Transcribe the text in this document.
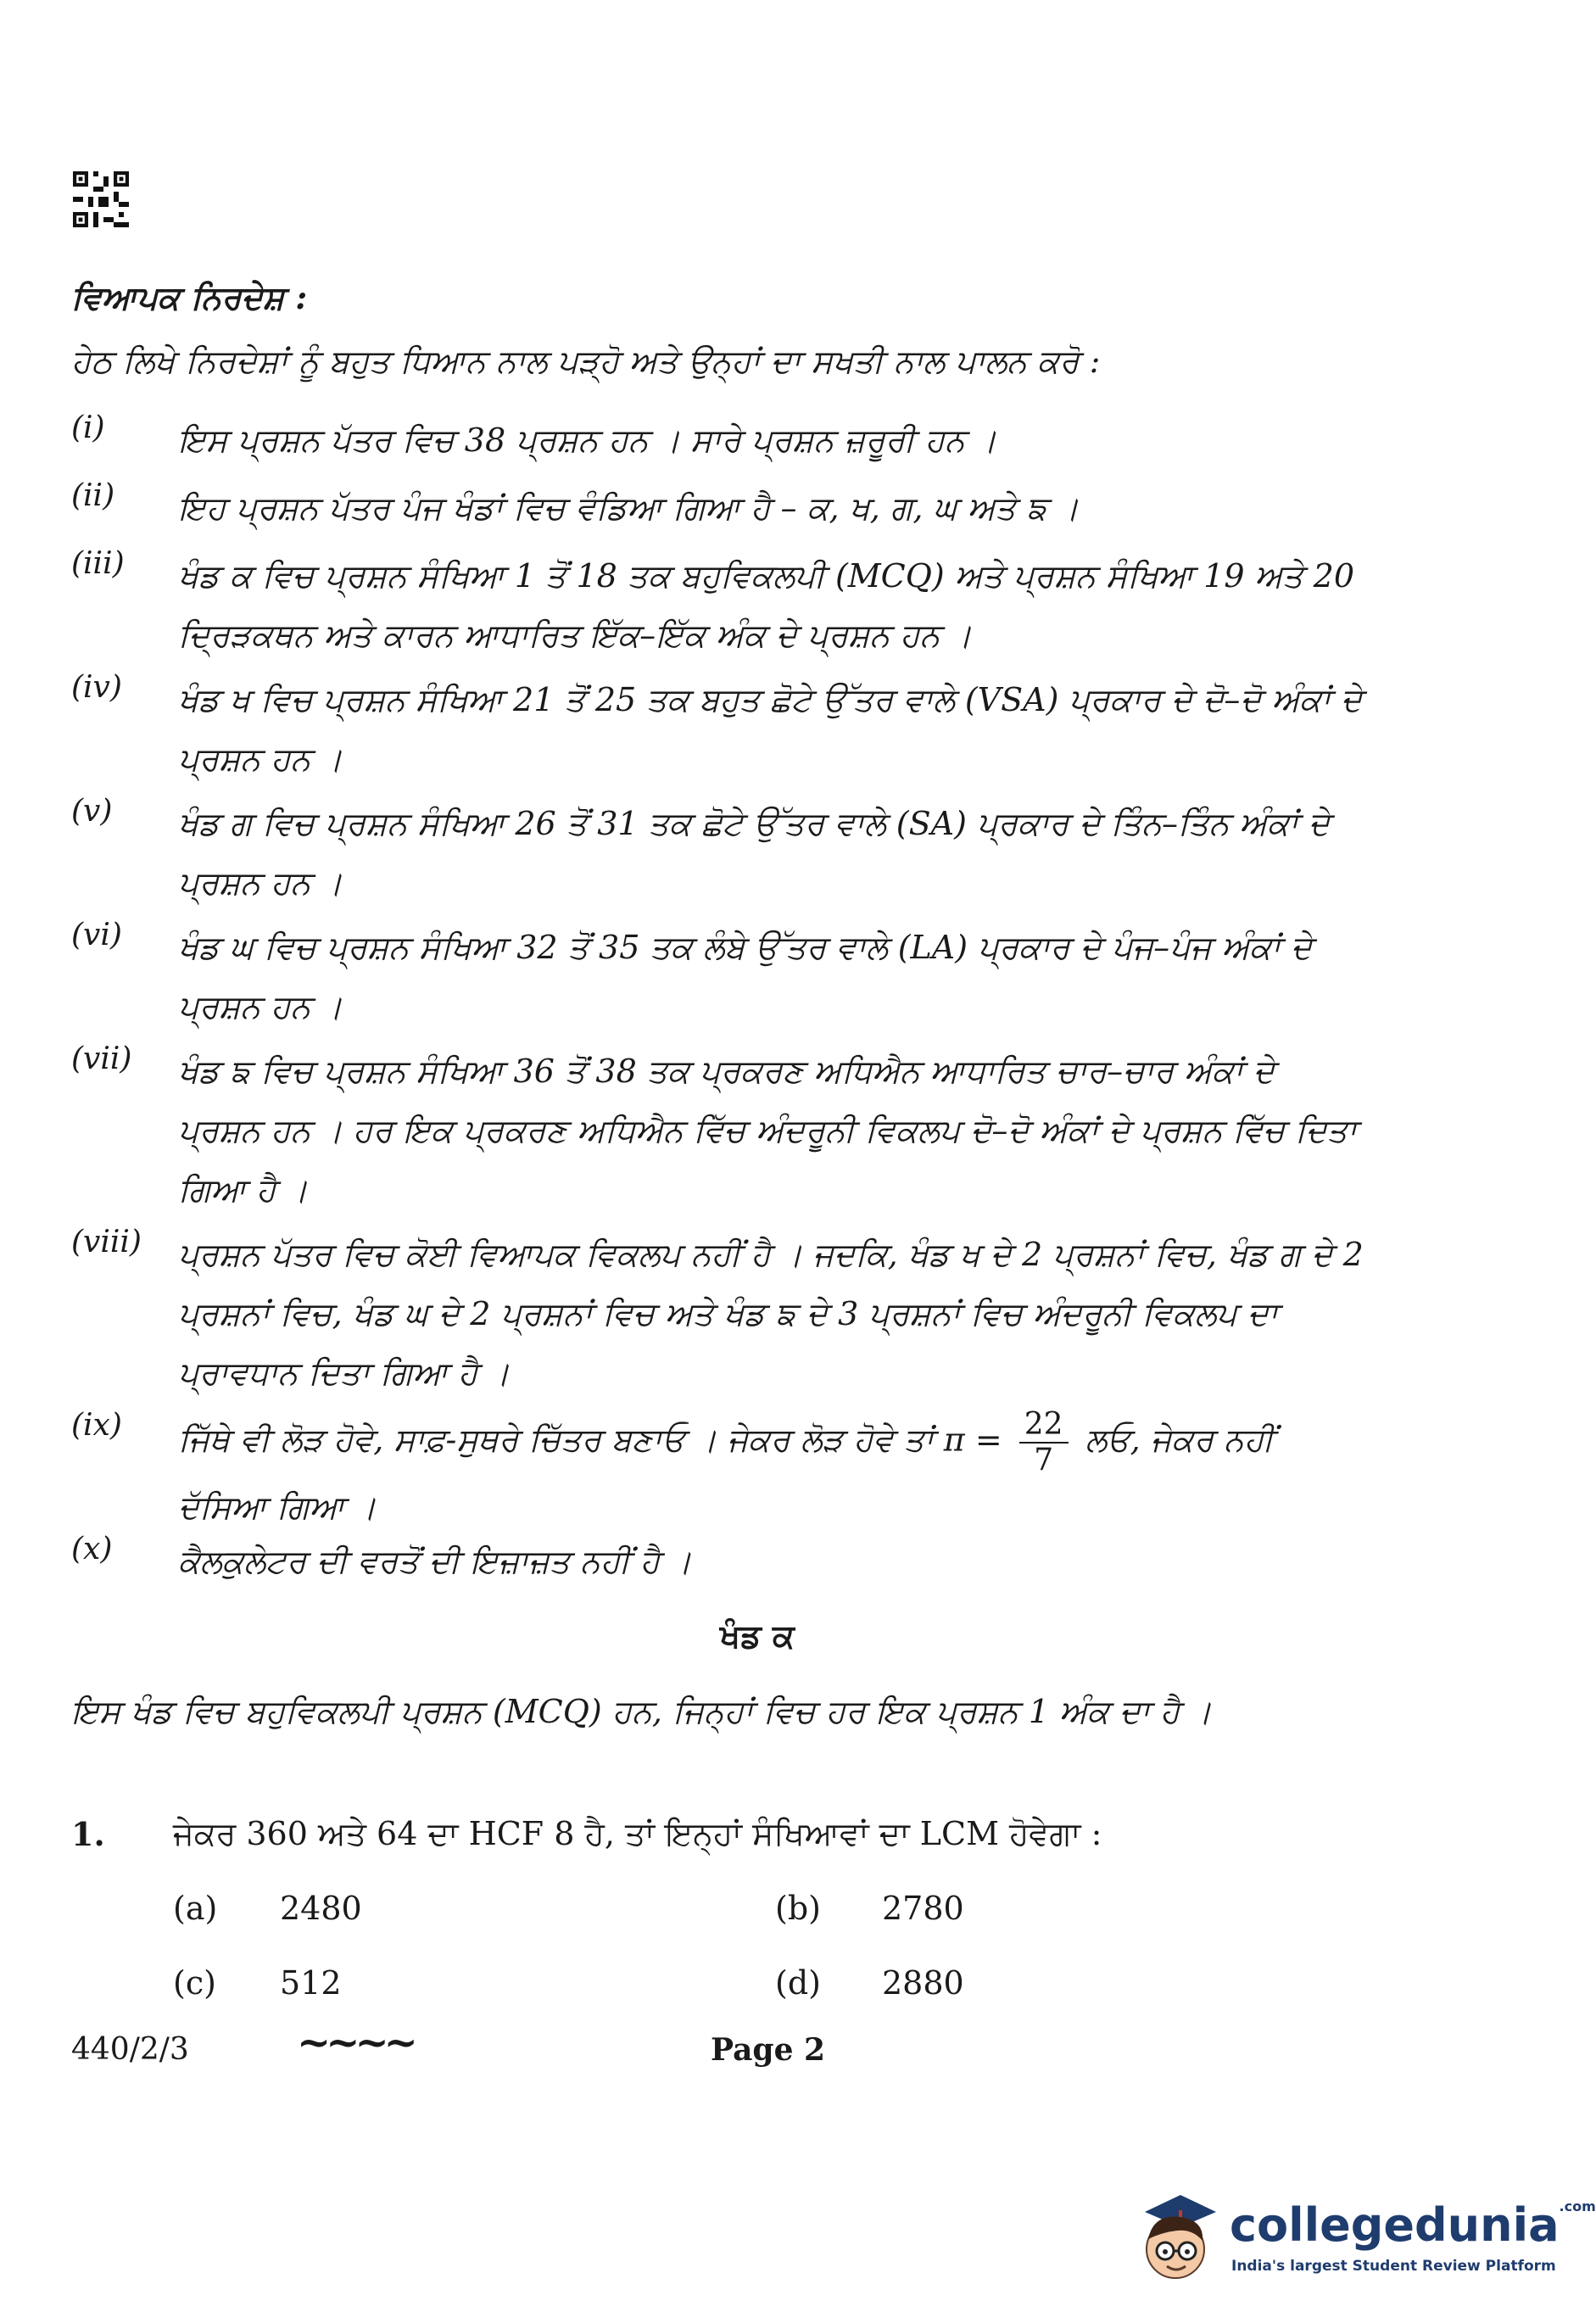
ਵਿਆਪਕ ਨਿਰਦੇਸ਼ :
ਹੇਠ ਲਿਖੇ ਨਿਰਦੇਸ਼ਾਂ ਨੂੰ ਬਹੁਤ ਧਿਆਨ ਨਾਲ ਪੜ੍ਹੋ ਅਤੇ ਉਨ੍ਹਾਂ ਦਾ ਸਖਤੀ ਨਾਲ ਪਾਲਨ ਕਰੋ :
(i)	ਇਸ ਪ੍ਰਸ਼ਨ ਪੱਤਰ ਵਿਚ 38 ਪ੍ਰਸ਼ਨ ਹਨ । ਸਾਰੇ ਪ੍ਰਸ਼ਨ ਜ਼ਰੂਰੀ ਹਨ ।
(ii)	ਇਹ ਪ੍ਰਸ਼ਨ ਪੱਤਰ ਪੰਜ ਖੰਡਾਂ ਵਿਚ ਵੰਡਿਆ ਗਿਆ ਹੈ – ਕ, ਖ, ਗ, ਘ ਅਤੇ ਙ ।
(iii)	ਖੰਡ ਕ ਵਿਚ ਪ੍ਰਸ਼ਨ ਸੰਖਿਆ 1 ਤੋਂ 18 ਤਕ ਬਹੁਵਿਕਲਪੀ (MCQ) ਅਤੇ ਪ੍ਰਸ਼ਨ ਸੰਖਿਆ 19 ਅਤੇ 20 ਦ੍ਰਿੜਕਥਨ ਅਤੇ ਕਾਰਨ ਆਧਾਰਿਤ ਇੱਕ–ਇੱਕ ਅੰਕ ਦੇ ਪ੍ਰਸ਼ਨ ਹਨ ।
(iv)	ਖੰਡ ਖ ਵਿਚ ਪ੍ਰਸ਼ਨ ਸੰਖਿਆ 21 ਤੋਂ 25 ਤਕ ਬਹੁਤ ਛੋਟੇ ਉੱਤਰ ਵਾਲੇ (VSA) ਪ੍ਰਕਾਰ ਦੇ ਦੋ–ਦੋ ਅੰਕਾਂ ਦੇ ਪ੍ਰਸ਼ਨ ਹਨ ।
(v)	ਖੰਡ ਗ ਵਿਚ ਪ੍ਰਸ਼ਨ ਸੰਖਿਆ 26 ਤੋਂ 31 ਤਕ ਛੋਟੇ ਉੱਤਰ ਵਾਲੇ (SA) ਪ੍ਰਕਾਰ ਦੇ ਤਿੰਨ–ਤਿੰਨ ਅੰਕਾਂ ਦੇ ਪ੍ਰਸ਼ਨ ਹਨ ।
(vi)	ਖੰਡ ਘ ਵਿਚ ਪ੍ਰਸ਼ਨ ਸੰਖਿਆ 32 ਤੋਂ 35 ਤਕ ਲੰਬੇ ਉੱਤਰ ਵਾਲੇ (LA) ਪ੍ਰਕਾਰ ਦੇ ਪੰਜ–ਪੰਜ ਅੰਕਾਂ ਦੇ ਪ੍ਰਸ਼ਨ ਹਨ ।
(vii)	ਖੰਡ ਙ ਵਿਚ ਪ੍ਰਸ਼ਨ ਸੰਖਿਆ 36 ਤੋਂ 38 ਤਕ ਪ੍ਰਕਰਣ ਅਧਿਐਨ ਆਧਾਰਿਤ ਚਾਰ–ਚਾਰ ਅੰਕਾਂ ਦੇ ਪ੍ਰਸ਼ਨ ਹਨ । ਹਰ ਇਕ ਪ੍ਰਕਰਣ ਅਧਿਐਨ ਵਿੱਚ ਅੰਦਰੂਨੀ ਵਿਕਲਪ ਦੋ–ਦੋ ਅੰਕਾਂ ਦੇ ਪ੍ਰਸ਼ਨ ਵਿੱਚ ਦਿਤਾ ਗਿਆ ਹੈ ।
(viii)	ਪ੍ਰਸ਼ਨ ਪੱਤਰ ਵਿਚ ਕੋਈ ਵਿਆਪਕ ਵਿਕਲਪ ਨਹੀਂ ਹੈ । ਜਦਕਿ, ਖੰਡ ਖ ਦੇ 2 ਪ੍ਰਸ਼ਨਾਂ ਵਿਚ, ਖੰਡ ਗ ਦੇ 2 ਪ੍ਰਸ਼ਨਾਂ ਵਿਚ, ਖੰਡ ਘ ਦੇ 2 ਪ੍ਰਸ਼ਨਾਂ ਵਿਚ ਅਤੇ ਖੰਡ ਙ ਦੇ 3 ਪ੍ਰਸ਼ਨਾਂ ਵਿਚ ਅੰਦਰੂਨੀ ਵਿਕਲਪ ਦਾ ਪ੍ਰਾਵਧਾਨ ਦਿਤਾ ਗਿਆ ਹੈ ।
(ix)	ਜਿੱਥੇ ਵੀ ਲੋੜ ਹੋਵੇ, ਸਾਫ਼-ਸੁਥਰੇ ਚਿੱਤਰ ਬਣਾਓ । ਜੇਕਰ ਲੋੜ ਹੋਵੇ ਤਾਂ $\pi = \frac{22}{7}$ ਲਓ, ਜੇਕਰ ਨਹੀਂ ਦੱਸਿਆ ਗਿਆ ।
(x)	ਕੈਲਕੁਲੇਟਰ ਦੀ ਵਰਤੋਂ ਦੀ ਇਜ਼ਾਜ਼ਤ ਨਹੀਂ ਹੈ ।
ਖੰਡ ਕ
ਇਸ ਖੰਡ ਵਿਚ ਬਹੁਵਿਕਲਪੀ ਪ੍ਰਸ਼ਨ (MCQ) ਹਨ, ਜਿਨ੍ਹਾਂ ਵਿਚ ਹਰ ਇਕ ਪ੍ਰਸ਼ਨ 1 ਅੰਕ ਦਾ ਹੈ ।
1. ਜੇਕਰ 360 ਅਤੇ 64 ਦਾ HCF 8 ਹੈ, ਤਾਂ ਇਨ੍ਹਾਂ ਸੰਖਿਆਵਾਂ ਦਾ LCM ਹੋਵੇਗਾ :
(a) 2480	(b) 2780
(c) 512	(d) 2880
440/2/3	~~~~	Page 2
collegedunia$^{.com}$
India's largest Student Review Platform
